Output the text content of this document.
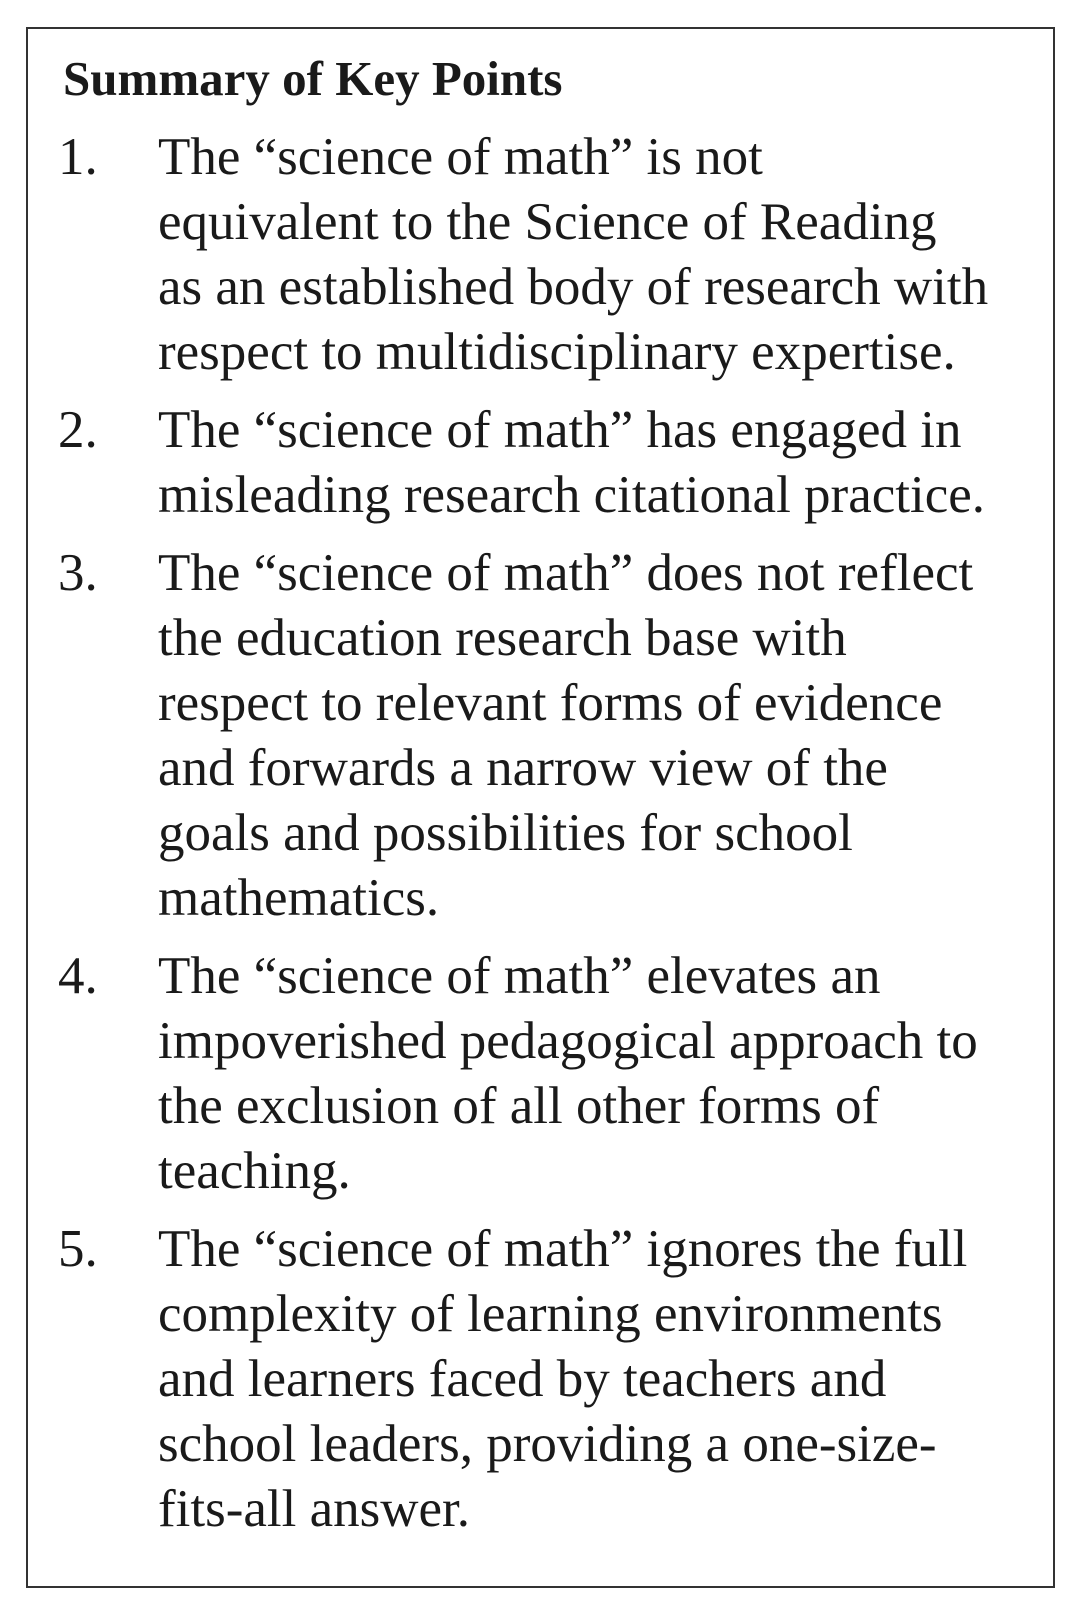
Summary of Key Points
1.	The “science of math” is not
equivalent to the Science of Reading
as an established body of research with
respect to multidisciplinary expertise.
2.	The “science of math” has engaged in
misleading research citational practice.
3.	The “science of math” does not reflect
the education research base with
respect to relevant forms of evidence
and forwards a narrow view of the
goals and possibilities for school
mathematics.
4.	The “science of math” elevates an
impoverished pedagogical approach to
the exclusion of all other forms of
teaching.
5.	The “science of math” ignores the full
complexity of learning environments
and learners faced by teachers and
school leaders, providing a one-size-
fits-all answer.
